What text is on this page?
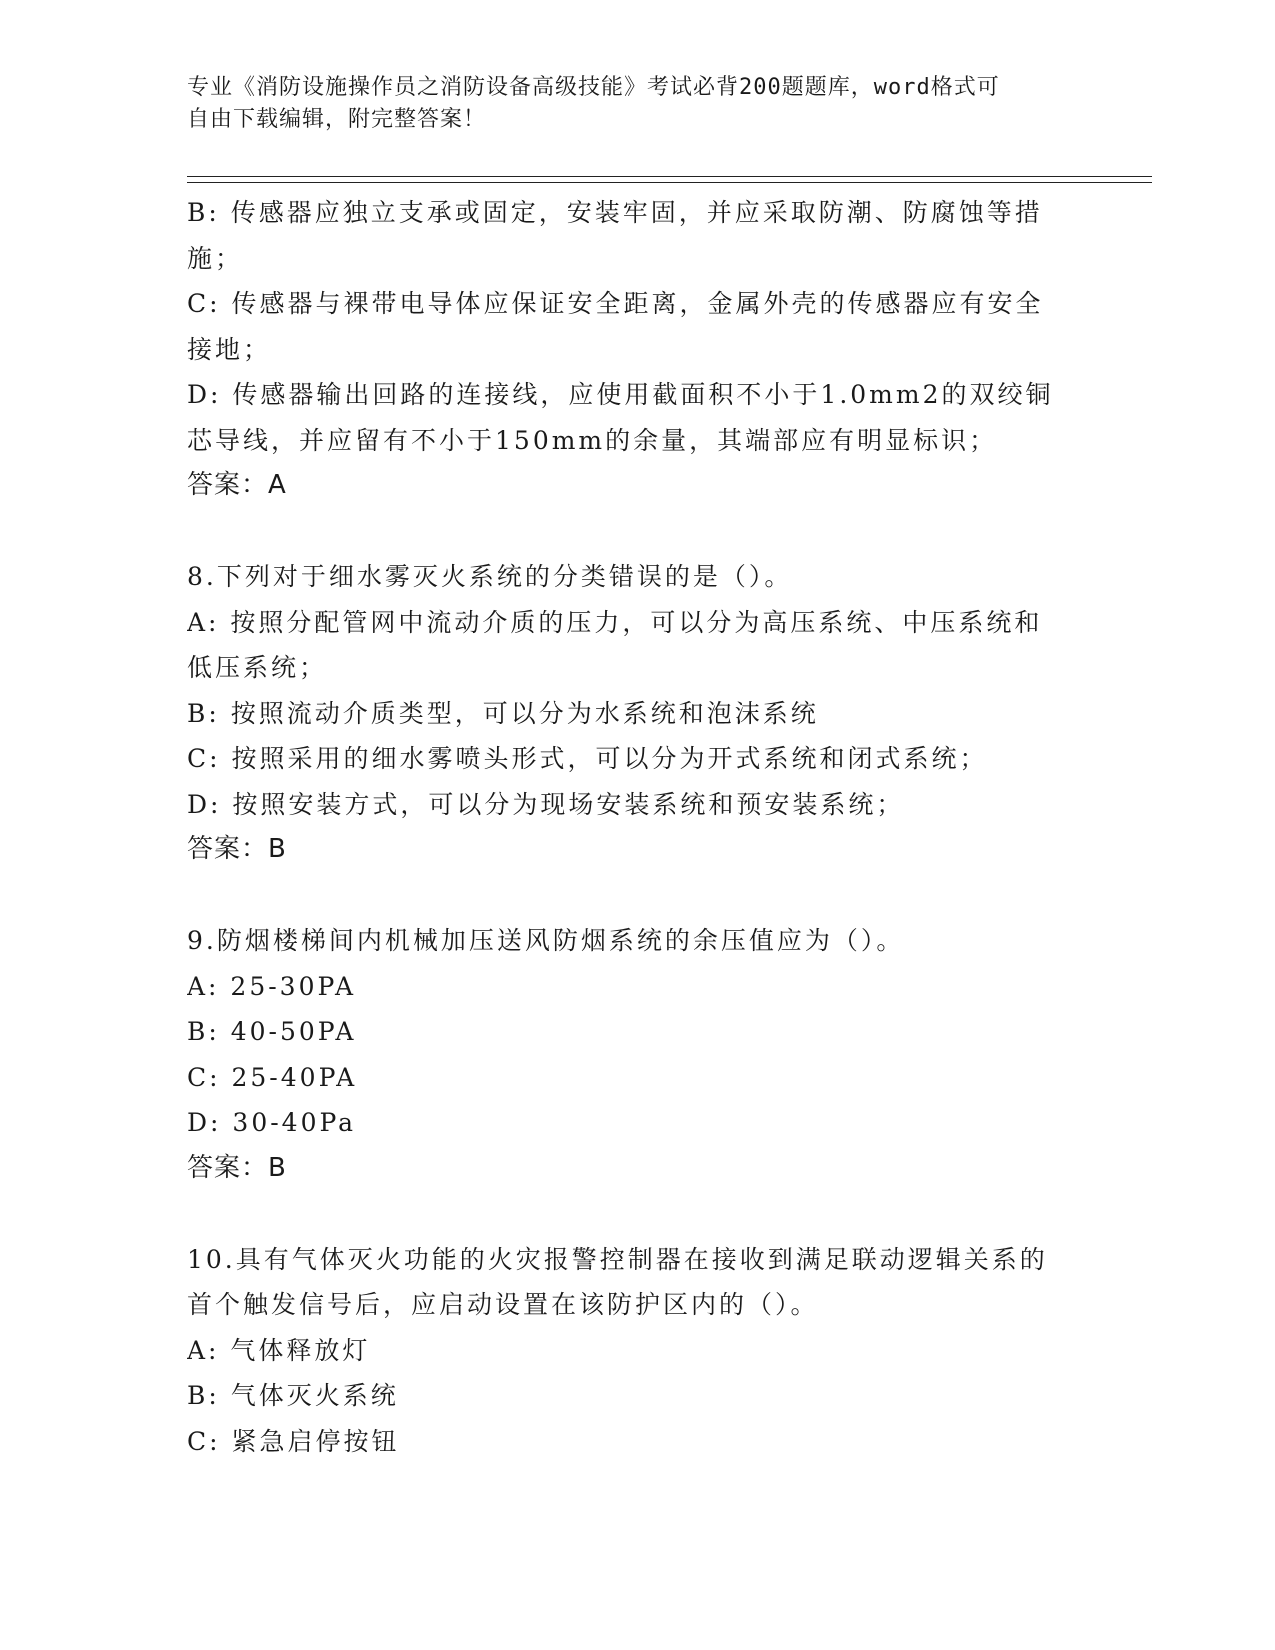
专业《消防设施操作员之消防设备高级技能》考试必背200题题库，word格式可
自由下载编辑，附完整答案！
B: 传感器应独立支承或固定，安装牢固，并应采取防潮、防腐蚀等措
施；
C: 传感器与裸带电导体应保证安全距离，金属外壳的传感器应有安全
接地；
D: 传感器输出回路的连接线，应使用截面积不小于1.0mm2的双绞铜
芯导线，并应留有不小于150mm的余量，其端部应有明显标识；
答案：A
8.下列对于细水雾灭火系统的分类错误的是（）。
A: 按照分配管网中流动介质的压力，可以分为高压系统、中压系统和
低压系统；
B: 按照流动介质类型，可以分为水系统和泡沫系统
C: 按照采用的细水雾喷头形式，可以分为开式系统和闭式系统；
D: 按照安装方式，可以分为现场安装系统和预安装系统；
答案：B
9.防烟楼梯间内机械加压送风防烟系统的余压值应为（）。
A: 25-30PA
B: 40-50PA
C: 25-40PA
D: 30-40Pa
答案：B
10.具有气体灭火功能的火灾报警控制器在接收到满足联动逻辑关系的
首个触发信号后，应启动设置在该防护区内的（）。
A: 气体释放灯
B: 气体灭火系统
C: 紧急启停按钮
